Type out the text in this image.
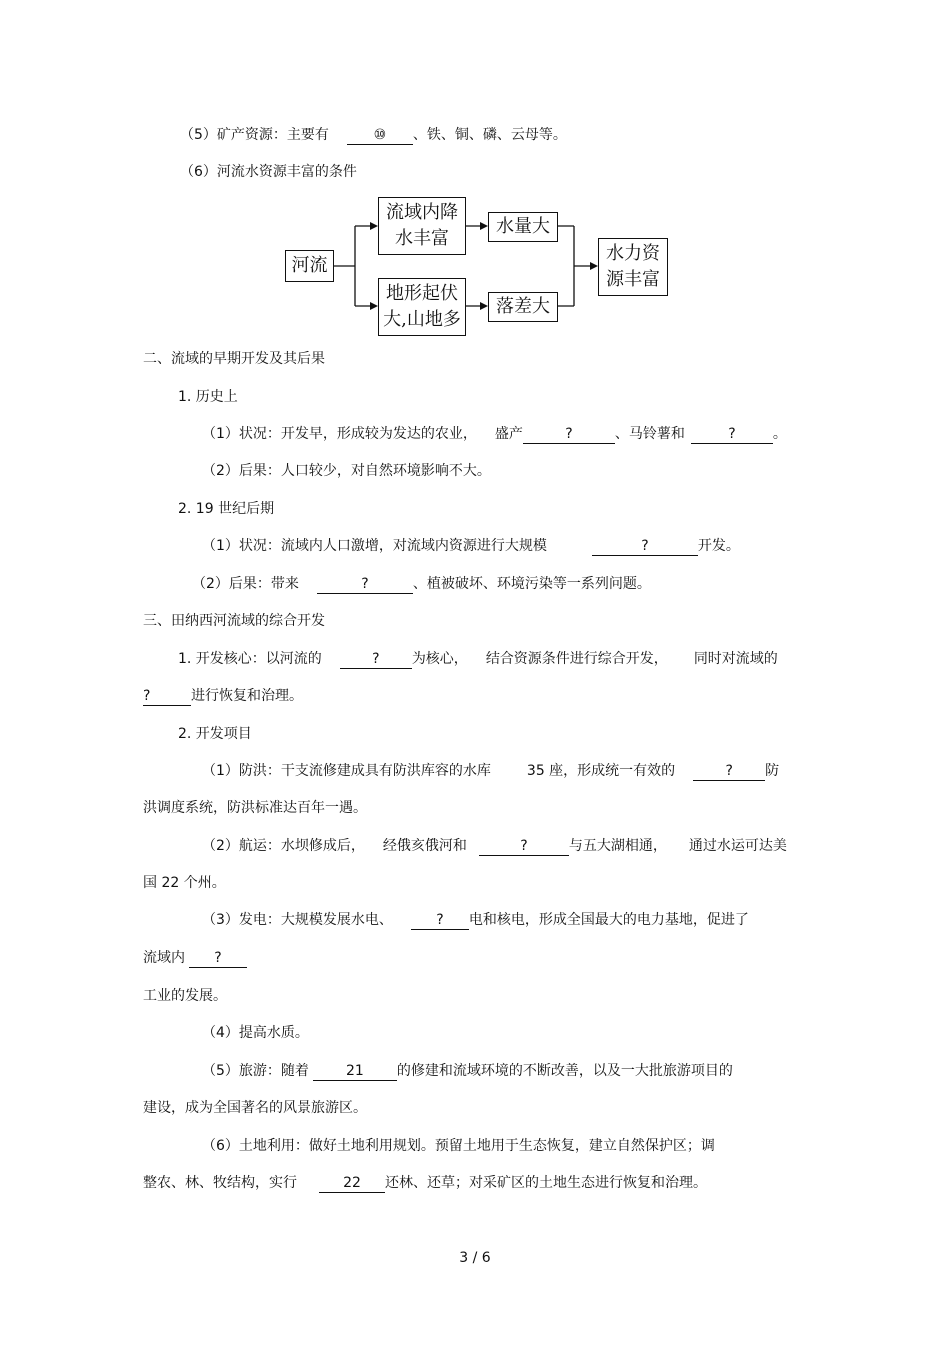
（5）矿产资源：主要有	⑩ 、铁、铜、磷、云母等。
（6）河流水资源丰富的条件
河流
流域内降
水丰富
水量大
地形起伏
大,山地多
落差大
水力资
源丰富
二、流域的早期开发及其后果
1. 历史上
（1）状况：开发早，形成较为发达的农业， 盛产	?	、马铃薯和	?	。
（2）后果：人口较少，对自然环境影响不大。
2. 19 世纪后期
（1）状况：流域内人口激增，对流域内资源进行大规模	?	开发。
（2）后果：带来	?	、植被破坏、环境污染等一系列问题。
三、田纳西河流域的综合开发
1. 开发核心：以河流的	? 为核心， 结合资源条件进行综合开发， 同时对流域的
?	进行恢复和治理。
2. 开发项目
（1）防洪：干支流修建成具有防洪库容的水库	35 座，形成统一有效的	? 防
洪调度系统，防洪标准达百年一遇。
（2）航运：水坝修成后， 经俄亥俄河和	?	与五大湖相通， 通过水运可达美
国 22 个州。
（3）发电：大规模发展水电、	? 电和核电，形成全国最大的电力基地，促进了
流域内 ?
工业的发展。
（4）提高水质。
（5）旅游：随着	21 的修建和流域环境的不断改善，以及一大批旅游项目的
建设，成为全国著名的风景旅游区。
（6）土地利用：做好土地利用规划。预留土地用于生态恢复，建立自然保护区；调
整农、林、牧结构，实行	22 还林、还草；对采矿区的土地生态进行恢复和治理。
3 / 6
